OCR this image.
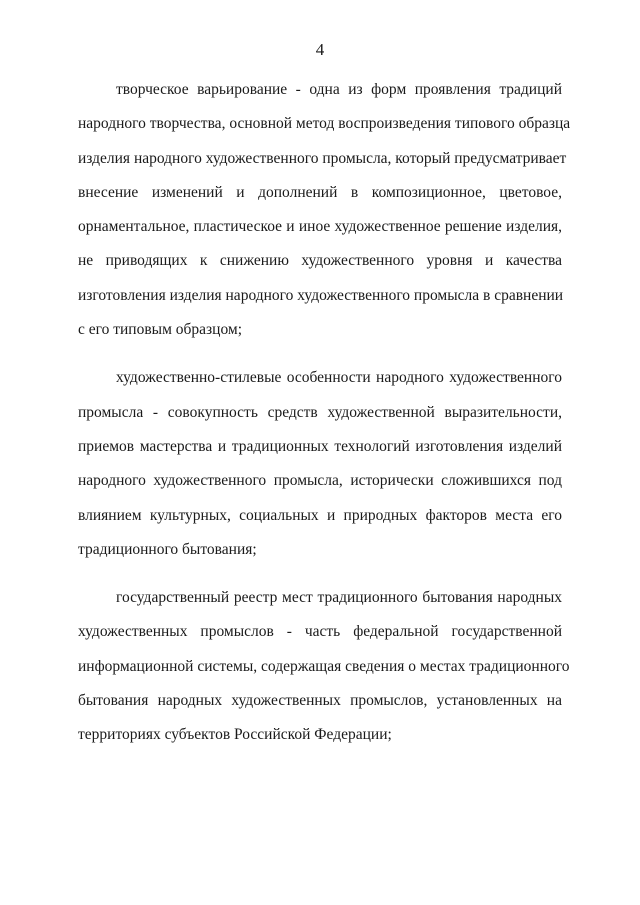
4

творческое варьирование - одна из форм проявления традиций
народного творчества, основной метод воспроизведения типового образца
изделия народного художественного промысла, который предусматривает
внесение изменений и дополнений в композиционное, цветовое,
орнаментальное, пластическое и иное художественное решение изделия,
не приводящих к снижению художественного уровня и качества
изготовления изделия народного художественного промысла в сравнении
с его типовым образцом;

художественно-стилевые особенности народного художественного
промысла - совокупность средств художественной выразительности,
приемов мастерства и традиционных технологий изготовления изделий
народного художественного промысла, исторически сложившихся под
влиянием культурных, социальных и природных факторов места его
традиционного бытования;

государственный реестр мест традиционного бытования народных
художественных промыслов - часть федеральной государственной
информационной системы, содержащая сведения о местах традиционного
бытования народных художественных промыслов, установленных на
территориях субъектов Российской Федерации;
